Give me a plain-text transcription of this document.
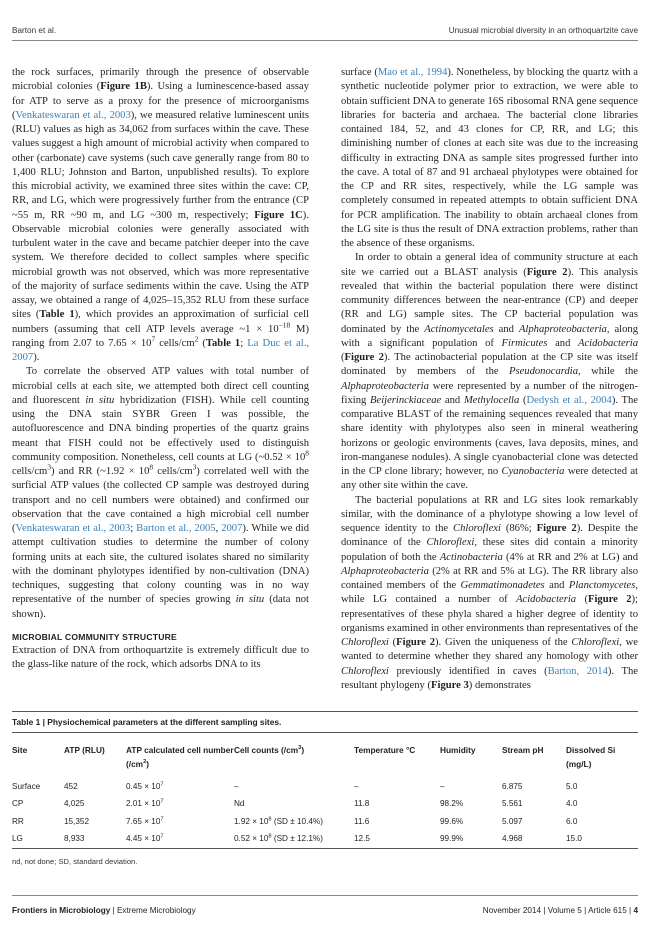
Barton et al.	Unusual microbial diversity in an orthoquartzite cave

the rock surfaces, primarily through the presence of observable microbial colonies (Figure 1B). Using a luminescence-based assay for ATP to serve as a proxy for the presence of microorganisms (Venkateswaran et al., 2003), we measured relative luminescent units (RLU) values as high as 34,062 from surfaces within the cave. These values suggest a high amount of microbial activity when compared to other (carbonate) cave systems (such cave generally range from 80 to 1,400 RLU; Johnston and Barton, unpublished results). To explore this microbial activity, we examined three sites within the cave: CP, RR, and LG, which were progressively further from the entrance (CP ~55 m, RR ~90 m, and LG ~300 m, respectively; Figure 1C). Observable microbial colonies were generally associated with turbulent water in the cave and became patchier deeper into the cave system. We therefore decided to collect samples where specific microbial growth was not observed, which was more representative of the majority of surface sediments within the cave. Using the ATP assay, we obtained a range of 4,025–15,352 RLU from these surface sites (Table 1), which provides an approximation of surficial cell numbers (assuming that cell ATP levels average ~1 × $10^{-18}$ M) ranging from 2.07 to $7.65 \times 10^7$ cells/$cm^2$ (Table 1; La Duc et al., 2007).

To correlate the observed ATP values with total number of microbial cells at each site, we attempted both direct cell counting and fluorescent in situ hybridization (FISH). While cell counting using the DNA stain SYBR Green I was possible, the autofluorescence and DNA binding properties of the quartz grains meant that FISH could not be effectively used to distinguish community composition. Nonetheless, cell counts at LG (~0.52 × $10^8$ cells/$cm^3$) and RR (~1.92 × $10^8$ cells/$cm^3$) correlated well with the surficial ATP values (the collected CP sample was destroyed during transport and no cell numbers were obtained) and confirmed our observation that the cave contained a high microbial cell number (Venkateswaran et al., 2003; Barton et al., 2005, 2007). While we did attempt cultivation studies to determine the number of colony forming units at each site, the cultured isolates shared no similarity with the dominant phylotypes identified by non-cultivation (DNA) techniques, suggesting that colony counting was in no way representative of the number of species growing in situ (data not shown).

MICROBIAL COMMUNITY STRUCTURE

Extraction of DNA from orthoquartzite is extremely difficult due to the glass-like nature of the rock, which adsorbs DNA to its

surface (Mao et al., 1994). Nonetheless, by blocking the quartz with a synthetic nucleotide polymer prior to extraction, we were able to obtain sufficient DNA to generate 16S ribosomal RNA gene sequence libraries for bacteria and archaea. The bacterial clone libraries contained 184, 52, and 43 clones for CP, RR, and LG; this diminishing number of clones at each site was due to the increasing difficulty in extracting DNA as sample sites progressed further into the cave. A total of 87 and 91 archaeal phylotypes were obtained for the CP and RR sites, respectively, while the LG sample was completely consumed in repeated attempts to obtain sufficient DNA for PCR amplification. The inability to obtain archaeal clones from the LG site is thus the result of DNA extraction problems, rather than the absence of these organisms.

In order to obtain a general idea of community structure at each site we carried out a BLAST analysis (Figure 2). This analysis revealed that within the bacterial population there were distinct community differences between the near-entrance (CP) and deeper (RR and LG) sample sites. The CP bacterial population was dominated by the Actinomycetales and Alphaproteobacteria, along with a significant population of Firmicutes and Acidobacteria (Figure 2). The actinobacterial population at the CP site was itself dominated by members of the Pseudonocardia, while the Alphaproteobacteria were represented by a number of the nitrogen-fixing Beijerinckiaceae and Methylocella (Dedysh et al., 2004). The comparative BLAST of the remaining sequences revealed that many share identity with phylotypes also seen in mineral weathering horizons or geologic environments (caves, lava deposits, mines, and iron-manganese nodules). A single cyanobacterial clone was detected in the CP clone library; however, no Cyanobacteria were detected at any other site within the cave.

The bacterial populations at RR and LG sites look remarkably similar, with the dominance of a phylotype showing a low level of sequence identity to the Chloroflexi (86%; Figure 2). Despite the dominance of the Chloroflexi, these sites did contain a minority population of both the Actinobacteria (4% at RR and 2% at LG) and Alphaproteobacteria (2% at RR and 5% at LG). The RR library also contained members of the Gemmatimonadetes and Planctomycetes, while LG contained a number of Acidobacteria (Figure 2); representatives of these phyla shared a higher degree of identity to organisms examined in other environments than representatives of the Chloroflexi (Figure 2). Given the uniqueness of the Chloroflexi, we wanted to determine whether they shared any homology with other Chloroflexi previously identified in caves (Barton, 2014). The resultant phylogeny (Figure 3) demonstrates

Table 1 | Physiochemical parameters at the different sampling sites.
Site	ATP (RLU)	ATP calculated cell number $(/cm^2)$	Cell counts $(/cm^3)$	Temperature °C	Humidity	Stream pH	Dissolved Si (mg/L)
Surface	452	$0.45 \times 10^7$	–	–	–	6.875	5.0
CP	4,025	$2.01 \times 10^7$	Nd	11.8	98.2%	5.561	4.0
RR	15,352	$7.65 \times 10^7$	$1.92 \times 10^8$ (SD ± 10.4%)	11.6	99.6%	5.097	6.0
LG	8,933	$4.45 \times 10^7$	$0.52 \times 10^8$ (SD ± 12.1%)	12.5	99.9%	4.968	15.0
nd, not done; SD, standard deviation.
Frontiers in Microbiology | Extreme Microbiology	November 2014 | Volume 5 | Article 615 | 4
